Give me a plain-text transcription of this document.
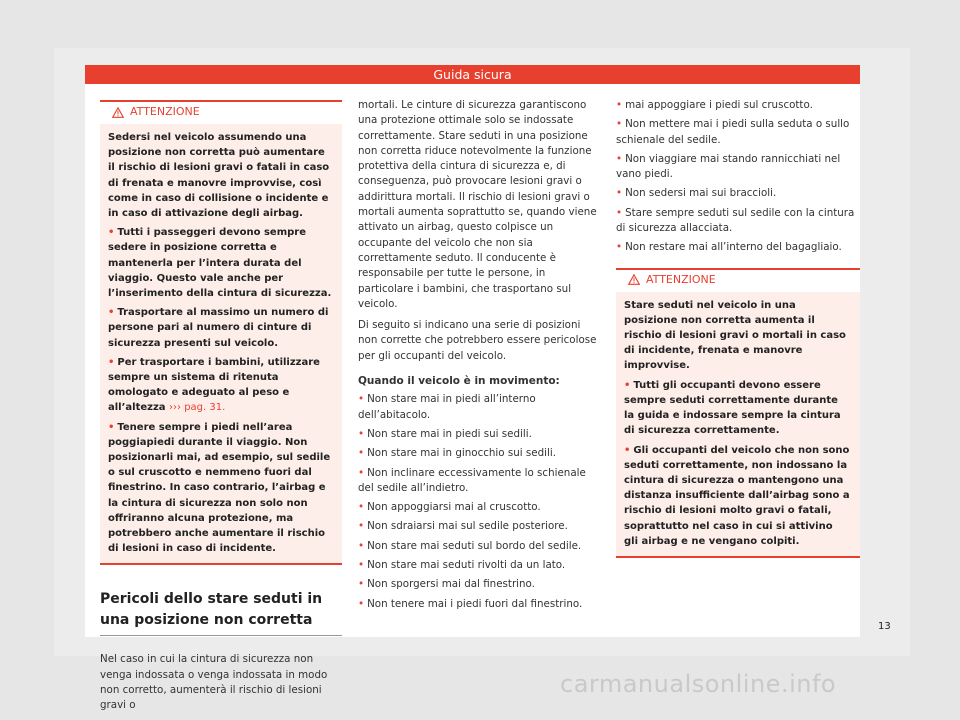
Guida sicura
ATTENZIONE

Sedersi nel veicolo assumendo una posizione non corretta può aumentare il rischio di lesioni gravi o fatali in caso di frenata e manovre improvvise, così come in caso di collisione o incidente e in caso di attivazione degli airbag.

• Tutti i passeggeri devono sempre sedere in posizione corretta e mantenerla per l’intera durata del viaggio. Questo vale anche per l’inserimento della cintura di sicurezza.

• Trasportare al massimo un numero di persone pari al numero di cinture di sicurezza presenti sul veicolo.

• Per trasportare i bambini, utilizzare sempre un sistema di ritenuta omologato e adeguato al peso e all’altezza ››› pag. 31.

• Tenere sempre i piedi nell’area poggiapiedi durante il viaggio. Non posizionarli mai, ad esempio, sul sedile o sul cruscotto e nemmeno fuori dal finestrino. In caso contrario, l’airbag e la cintura di sicurezza non solo non offriranno alcuna protezione, ma potrebbero anche aumentare il rischio di lesioni in caso di incidente.

Pericoli dello stare seduti in una posizione non corretta

Nel caso in cui la cintura di sicurezza non venga indossata o venga indossata in modo non corretto, aumenterà il rischio di lesioni gravi o

mortali. Le cinture di sicurezza garantiscono una protezione ottimale solo se indossate correttamente. Stare seduti in una posizione non corretta riduce notevolmente la funzione protettiva della cintura di sicurezza e, di conseguenza, può provocare lesioni gravi o addirittura mortali. Il rischio di lesioni gravi o mortali aumenta soprattutto se, quando viene attivato un airbag, questo colpisce un occupante del veicolo che non sia correttamente seduto. Il conducente è responsabile per tutte le persone, in particolare i bambini, che trasportano sul veicolo.

Di seguito si indicano una serie di posizioni non corrette che potrebbero essere pericolose per gli occupanti del veicolo.

Quando il veicolo è in movimento:

• Non stare mai in piedi all’interno dell’abitacolo.

• Non stare mai in piedi sui sedili.

• Non stare mai in ginocchio sui sedili.

• Non inclinare eccessivamente lo schienale del sedile all’indietro.

• Non appoggiarsi mai al cruscotto.

• Non sdraiarsi mai sul sedile posteriore.

• Non stare mai seduti sul bordo del sedile.

• Non stare mai seduti rivolti da un lato.

• Non sporgersi mai dal finestrino.

• Non tenere mai i piedi fuori dal finestrino.

• mai appoggiare i piedi sul cruscotto.

• Non mettere mai i piedi sulla seduta o sullo schienale del sedile.

• Non viaggiare mai stando rannicchiati nel vano piedi.

• Non sedersi mai sui braccioli.

• Stare sempre seduti sul sedile con la cintura di sicurezza allacciata.

• Non restare mai all’interno del bagagliaio.

ATTENZIONE

Stare seduti nel veicolo in una posizione non corretta aumenta il rischio di lesioni gravi o mortali in caso di incidente, frenata e manovre improvvise.

• Tutti gli occupanti devono essere sempre seduti correttamente durante la guida e indossare sempre la cintura di sicurezza correttamente.

• Gli occupanti del veicolo che non sono seduti correttamente, non indossano la cintura di sicurezza o mantengono una distanza insufficiente dall’airbag sono a rischio di lesioni molto gravi o fatali, soprattutto nel caso in cui si attivino gli airbag e ne vengano colpiti.

13
carmanualsonline.info
